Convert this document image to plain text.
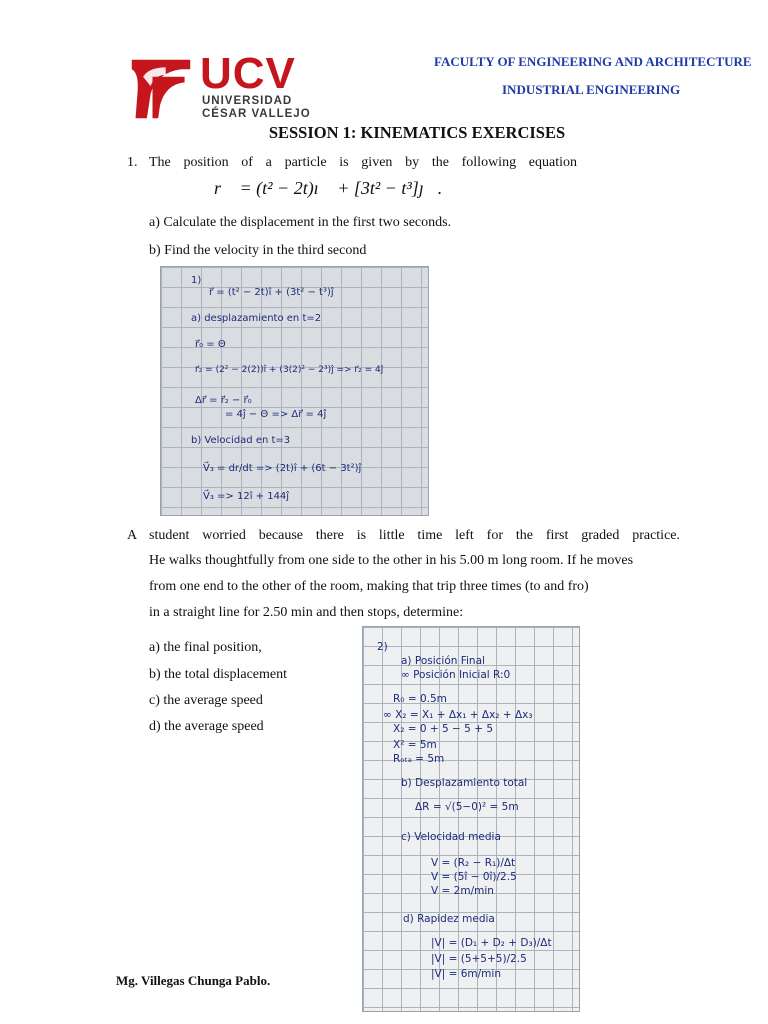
UCV
UNIVERSIDAD
CÉSAR VALLEJO
FACULTY OF ENGINEERING AND ARCHITECTURE
INDUSTRIAL ENGINEERING
SESSION 1: KINEMATICS EXERCISES
1. The position of a particle is given by the following equation
r⃗ = (t² − 2t)ı⃗ + [3t² − t³]ȷ⃗.
a) Calculate the displacement in the first two seconds.
b) Find the velocity in the third second
1)
r⃗ = (t² − 2t)î + (3t² − t³)ĵ
a) desplazamiento en t=2
r⃗₀ = Θ
r⃗₂ = (2² − 2(2))î + (3(2)² − 2³)ĵ => r⃗₂ = 4ĵ
Δr⃗ = r⃗₂ − r⃗₀
= 4ĵ − Θ => Δr⃗ = 4ĵ
b) Velocidad en t=3
V⃗₃ = dr/dt => (2t)î + (6t − 3t²)ĵ
V⃗₃ => 12î + 144ĵ
A student worried because there is little time left for the first graded practice.
He walks thoughtfully from one side to the other in his 5.00 m long room. If he moves
from one end to the other of the room, making that trip three times (to and fro)
in a straight line for 2.50 min and then stops, determine:
a) the final position,
b) the total displacement
c) the average speed
d) the average speed
2)
a) Posición Final
∞ Posición Inicial R:0
R₀ = 0.5m
∞ X₂ = X₁ + Δx₁ + Δx₂ + Δx₃
X₂ = 0 + 5 − 5 + 5
X² = 5m
Rₒₜₐ = 5m
b) Desplazamiento total
ΔR = √(5−0)² = 5m
c) Velocidad media
V = (R₂ − R₁)/Δt
V = (5î − 0î)/2.5
V = 2m/min
d) Rapidez media
|V| = (D₁ + D₂ + D₃)/Δt
|V| = (5+5+5)/2.5
|V| = 6m/min
Mg. Villegas Chunga Pablo.
